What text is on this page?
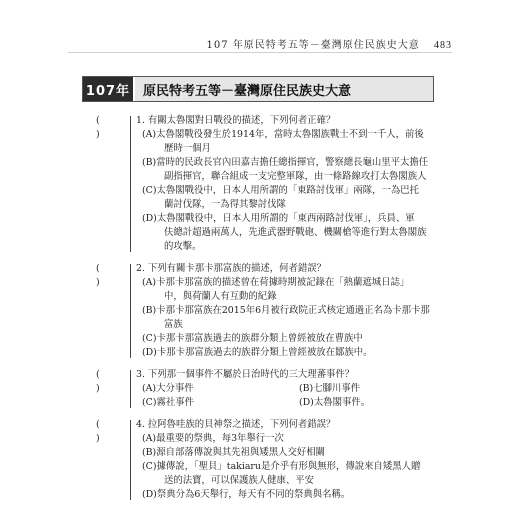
107 年原民特考五等－臺灣原住民族史大意 483
107年 原民特考五等－臺灣原住民族史大意
( )
1. 有關太魯閣對日戰役的描述，下列何者正確？
(A)太魯閣戰役發生於1914年，當時太魯閣族戰士不到一千人，前後
歷時一個月
(B)當時的民政長官內田嘉吉擔任總指揮官，警察總長龜山里平太擔任
副指揮官，聯合組成一支完整軍隊，由一條路線攻打太魯閣族人
(C)太魯閣戰役中，日本人用所謂的「東路討伐軍」兩隊，一為巴托
蘭討伐隊，一為得其黎討伐隊
(D)太魯閣戰役中，日本人用所謂的「東西兩路討伐軍」，兵員、軍
伕總計超過兩萬人，先進武器野戰砲、機關槍等進行對太魯閣族
的攻擊。
( )
2. 下列有關卡那卡那富族的描述，何者錯誤？
(A)卡那卡那富族的描述曾在荷據時期被記錄在「熱蘭遮城日誌」
中，與荷蘭人有互動的紀錄
(B)卡那卡那富族在2015年6月被行政院正式核定通過正名為卡那卡那
富族
(C)卡那卡那富族過去的族群分類上曾經被放在曹族中
(D)卡那卡那富族過去的族群分類上曾經被放在鄒族中。
( )
3. 下列那一個事件不屬於日治時代的三大理蕃事件？
(A)大分事件	(B)七腳川事件
(C)霧社事件	(D)太魯閣事件。
( )
4. 拉阿魯哇族的貝神祭之描述，下列何者錯誤？
(A)最重要的祭典，每3年舉行一次
(B)源自部落傳說與其先祖與矮黑人交好相關
(C)據傳說，「聖貝」takiaru是介乎有形與無形，傳說來自矮黑人贈
送的法寶，可以保護族人健康、平安
(D)祭典分為6天舉行，每天有不同的祭典與名稱。
